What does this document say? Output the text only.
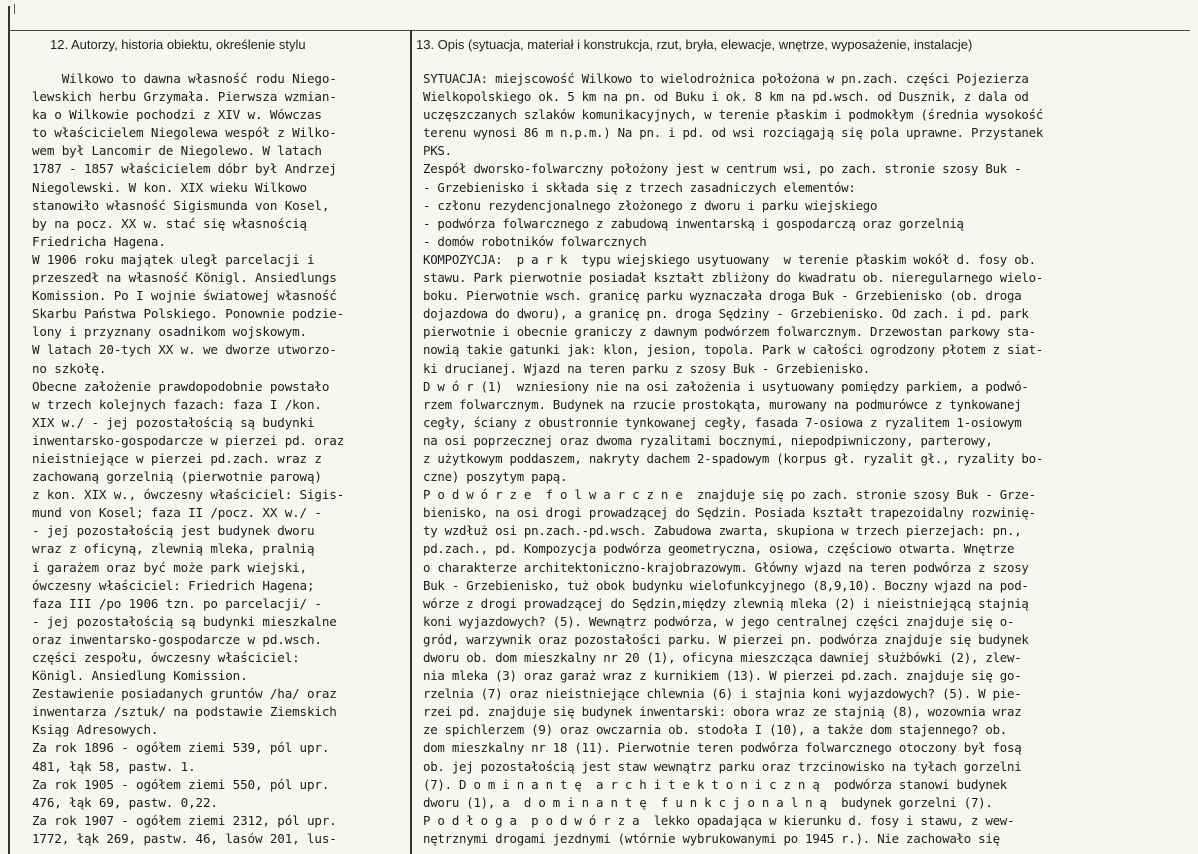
12. Autorzy, historia obiektu, określenie stylu	13. Opis (sytuacja, materiał i konstrukcja, rzut, bryła, elewacje, wnętrze, wyposażenie, instalacje)
Wilkowo to dawna własność rodu Niego-
lewskich herbu Grzymała. Pierwsza wzmian-
ka o Wilkowie pochodzi z XIV w. Wówczas
to właścicielem Niegolewa wespół z Wilko-
wem był Lancomir de Niegolewo. W latach
1787 - 1857 właścicielem dóbr był Andrzej
Niegolewski. W kon. XIX wieku Wilkowo
stanowiło własność Sigismunda von Kosel,
by na pocz. XX w. stać się własnością
Friedricha Hagena.
W 1906 roku majątek uległ parcelacji i
przeszedł na własność Königl. Ansiedlungs
Komission. Po I wojnie światowej własność
Skarbu Państwa Polskiego. Ponownie podzie-
lony i przyznany osadnikom wojskowym.
W latach 20-tych XX w. we dworze utworzo-
no szkołę.
Obecne założenie prawdopodobnie powstało
w trzech kolejnych fazach: faza I /kon.
XIX w./ - jej pozostałością są budynki
inwentarsko-gospodarcze w pierzei pd. oraz
nieistniejące w pierzei pd.zach. wraz z
zachowaną gorzelnią (pierwotnie parową)
z kon. XIX w., ówczesny właściciel: Sigis-
mund von Kosel; faza II /pocz. XX w./ -
- jej pozostałością jest budynek dworu
wraz z oficyną, zlewnią mleka, pralnią
i garażem oraz być może park wiejski,
ówczesny właściciel: Friedrich Hagena;
faza III /po 1906 tzn. po parcelacji/ -
- jej pozostałością są budynki mieszkalne
oraz inwentarsko-gospodarcze w pd.wsch.
części zespołu, ówczesny właściciel:
Königl. Ansiedlung Komission.
Zestawienie posiadanych gruntów /ha/ oraz
inwentarza /sztuk/ na podstawie Ziemskich
Ksiąg Adresowych.
Za rok 1896 - ogółem ziemi 539, pól upr.
481, łąk 58, pastw. 1.
Za rok 1905 - ogółem ziemi 550, pól upr.
476, łąk 69, pastw. 0,22.
Za rok 1907 - ogółem ziemi 2312, pól upr.
1772, łąk 269, pastw. 46, lasów 201, lus-
SYTUACJA: miejscowość Wilkowo to wielodrożnica położona w pn.zach. części Pojezierza
Wielkopolskiego ok. 5 km na pn. od Buku i ok. 8 km na pd.wsch. od Dusznik, z dala od
uczęszczanych szlaków komunikacyjnych, w terenie płaskim i podmokłym (średnia wysokość
terenu wynosi 86 m n.p.m.) Na pn. i pd. od wsi rozciągają się pola uprawne. Przystanek
PKS.
Zespół dworsko-folwarczny położony jest w centrum wsi, po zach. stronie szosy Buk -
- Grzebienisko i składa się z trzech zasadniczych elementów:
- członu rezydencjonalnego złożonego z dworu i parku wiejskiego
- podwórza folwarcznego z zabudową inwentarską i gospodarczą oraz gorzelnią
- domów robotników folwarcznych
KOMPOZYCJA:  p a r k  typu wiejskiego usytuowany  w terenie płaskim wokół d. fosy ob.
stawu. Park pierwotnie posiadał kształt zbliżony do kwadratu ob. nieregularnego wielo-
boku. Pierwotnie wsch. granicę parku wyznaczała droga Buk - Grzebienisko (ob. droga
dojazdowa do dworu), a granicę pn. droga Sędziny - Grzebienisko. Od zach. i pd. park
pierwotnie i obecnie graniczy z dawnym podwórzem folwarcznym. Drzewostan parkowy sta-
nowią takie gatunki jak: klon, jesion, topola. Park w całości ogrodzony płotem z siat-
ki drucianej. Wjazd na teren parku z szosy Buk - Grzebienisko.
D w ó r (1)  wzniesiony nie na osi założenia i usytuowany pomiędzy parkiem, a podwó-
rzem folwarcznym. Budynek na rzucie prostokąta, murowany na podmurówce z tynkowanej
cegły, ściany z obustronnie tynkowanej cegły, fasada 7-osiowa z ryzalitem 1-osiowym
na osi poprzecznej oraz dwoma ryzalitami bocznymi, niepodpiwniczony, parterowy,
z użytkowym poddaszem, nakryty dachem 2-spadowym (korpus gł. ryzalit gł., ryzality bo-
czne) poszytym papą.
P o d w ó r z e  f o l w a r c z n e  znajduje się po zach. stronie szosy Buk - Grze-
bienisko, na osi drogi prowadzącej do Sędzin. Posiada kształt trapezoidalny rozwinię-
ty wzdłuż osi pn.zach.-pd.wsch. Zabudowa zwarta, skupiona w trzech pierzejach: pn.,
pd.zach., pd. Kompozycja podwórza geometryczna, osiowa, częściowo otwarta. Wnętrze
o charakterze architektoniczno-krajobrazowym. Główny wjazd na teren podwórza z szosy
Buk - Grzebienisko, tuż obok budynku wielofunkcyjnego (8,9,10). Boczny wjazd na pod-
wórze z drogi prowadzącej do Sędzin,między zlewnią mleka (2) i nieistniejącą stajnią
koni wyjazdowych? (5). Wewnątrz podwórza, w jego centralnej części znajduje się o-
gród, warzywnik oraz pozostałości parku. W pierzei pn. podwórza znajduje się budynek
dworu ob. dom mieszkalny nr 20 (1), oficyna mieszcząca dawniej służbówki (2), zlew-
nia mleka (3) oraz garaż wraz z kurnikiem (13). W pierzei pd.zach. znajduje się go-
rzelnia (7) oraz nieistniejące chlewnia (6) i stajnia koni wyjazdowych? (5). W pie-
rzei pd. znajduje się budynek inwentarski: obora wraz ze stajnią (8), wozownia wraz
ze spichlerzem (9) oraz owczarnia ob. stodoła I (10), a także dom stajennego? ob.
dom mieszkalny nr 18 (11). Pierwotnie teren podwórza folwarcznego otoczony był fosą
ob. jej pozostałością jest staw wewnątrz parku oraz trzcinowisko na tyłach gorzelni
(7). D o m i n a n t ę  a r c h i t e k t o n i c z n ą  podwórza stanowi budynek
dworu (1), a  d o m i n a n t ę  f u n k c j o n a l n ą  budynek gorzelni (7).
P o d ł o g a  p o d w ó r z a  lekko opadająca w kierunku d. fosy i stawu, z wew-
nętrznymi drogami jezdnymi (wtórnie wybrukowanymi po 1945 r.). Nie zachowało się
